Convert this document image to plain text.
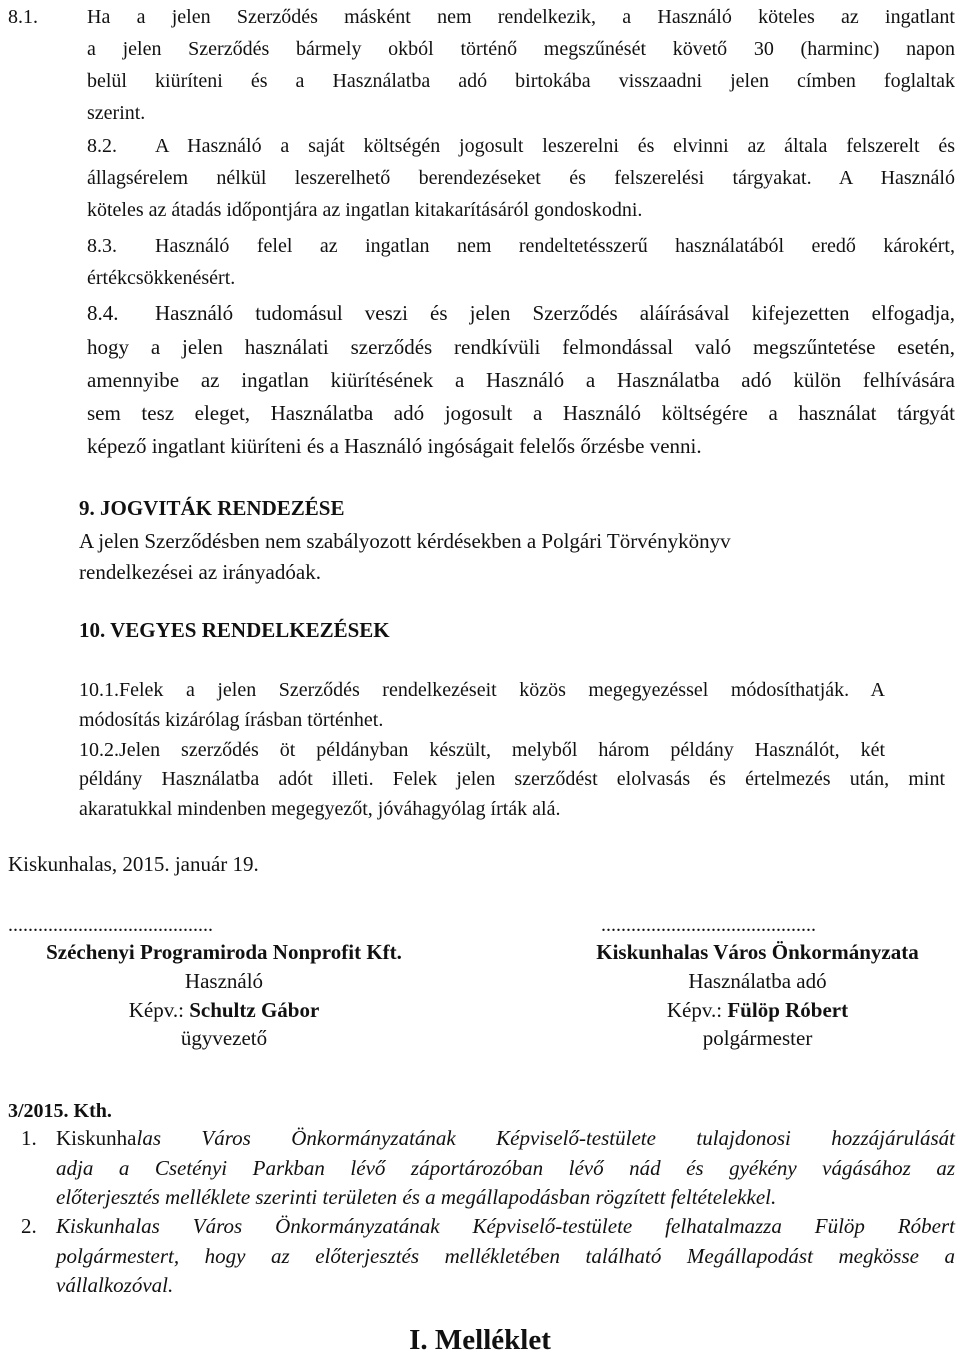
8.1. Ha a jelen Szerződés másként nem rendelkezik, a Használó köteles az ingatlant
a jelen Szerződés bármely okból történő megszűnését követő 30 (harminc) napon
belül kiüríteni és a Használatba adó birtokába visszaadni jelen címben foglaltak
szerint.
8.2. A Használó a saját költségén jogosult leszerelni és elvinni az általa felszerelt és
állagsérelem nélkül leszerelhető berendezéseket és felszerelési tárgyakat. A Használó
köteles az átadás időpontjára az ingatlan kitakarításáról gondoskodni.
8.3. Használó felel az ingatlan nem rendeltetésszerű használatából eredő károkért,
értékcsökkenésért.
8.4. Használó tudomásul veszi és jelen Szerződés aláírásával kifejezetten elfogadja,
hogy a jelen használati szerződés rendkívüli felmondással való megszűntetése esetén,
amennyibe az ingatlan kiürítésének a Használó a Használatba adó külön felhívására
sem tesz eleget, Használatba adó jogosult a Használó költségére a használat tárgyát
képező ingatlant kiüríteni és a Használó ingóságait felelős őrzésbe venni.
9. JOGVITÁK RENDEZÉSE
A jelen Szerződésben nem szabályozott kérdésekben a Polgári Törvénykönyv
rendelkezései az irányadóak.
10. VEGYES RENDELKEZÉSEK
10.1.Felek a jelen Szerződés rendelkezéseit közös megegyezéssel módosíthatják. A
módosítás kizárólag írásban történhet.
10.2.Jelen szerződés öt példányban készült, melyből három példány Használót, két
példány Használatba adót illeti. Felek jelen szerződést elolvasás és értelmezés után, mint
akaratukkal mindenben megegyezőt, jóváhagyólag írták alá.
Kiskunhalas, 2015. január 19.
.........................................	...........................................
Széchenyi Programiroda Nonprofit Kft.
Használó
Képv.: Schultz Gábor
ügyvezető
Kiskunhalas Város Önkormányzata
Használatba adó
Képv.: Fülöp Róbert
polgármester
3/2015. Kth.
1. Kiskunhalas Város Önkormányzatának Képviselő-testülete tulajdonosi hozzájárulását
adja a Csetényi Parkban lévő záportározóban lévő nád és gyékény vágásához az
előterjesztés melléklete szerinti területen és a megállapodásban rögzített feltételekkel.
2. Kiskunhalas Város Önkormányzatának Képviselő-testülete felhatalmazza Fülöp Róbert
polgármestert, hogy az előterjesztés mellékletében található Megállapodást megkösse a
vállalkozóval.
I. Melléklet
